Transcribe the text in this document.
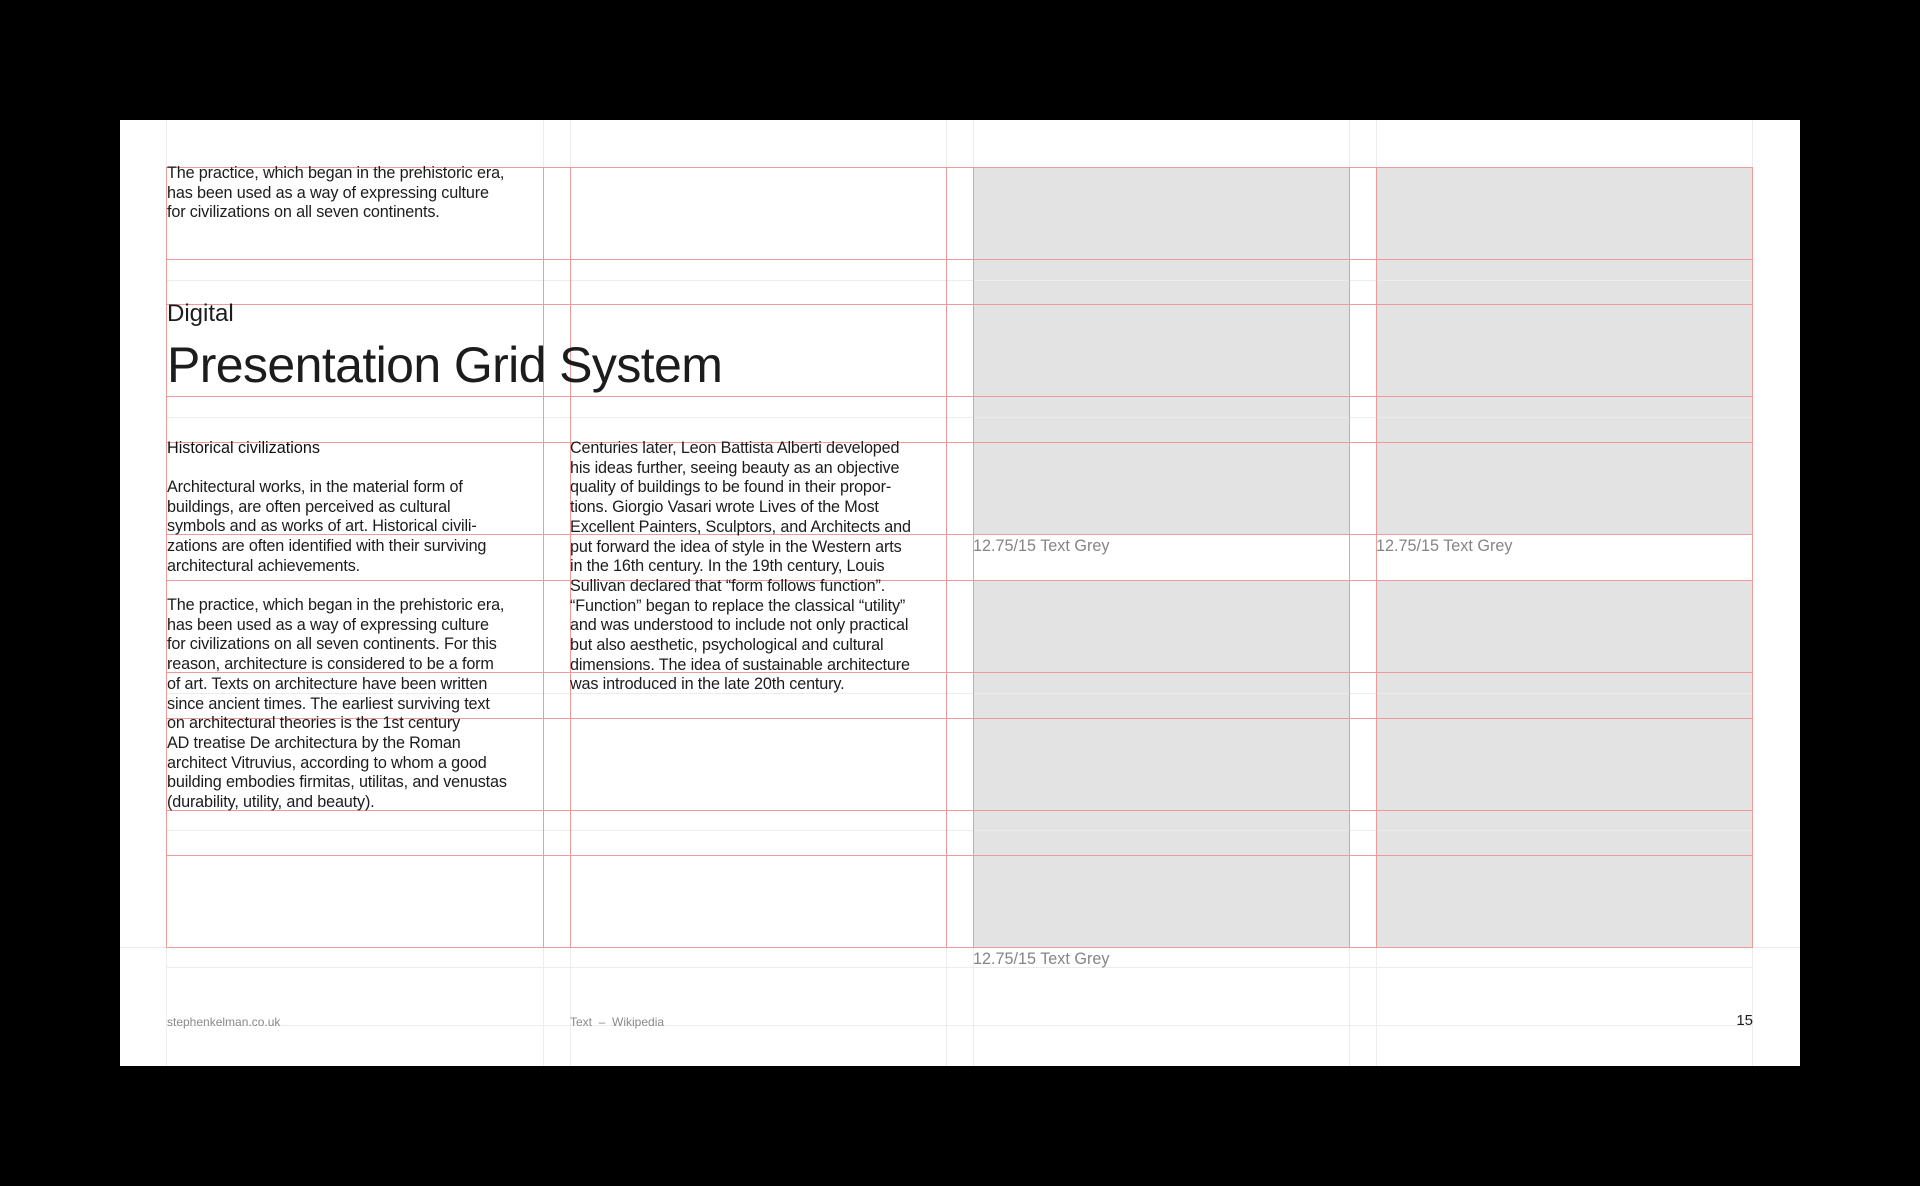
The practice, which began in the prehistoric era,
has been used as a way of expressing culture
for civilizations on all seven continents.

Digital
Presentation Grid System
Historical civilizations

Architectural works, in the material form of
buildings, are often perceived as cultural
symbols and as works of art. Historical civili-
zations are often identified with their surviving
architectural achievements.

The practice, which began in the prehistoric era,
has been used as a way of expressing culture
for civilizations on all seven continents. For this
reason, architecture is considered to be a form
of art. Texts on architecture have been written
since ancient times. The earliest surviving text
on architectural theories is the 1st century
AD treatise De architectura by the Roman
architect Vitruvius, according to whom a good
building embodies firmitas, utilitas, and venustas
(durability, utility, and beauty).

Centuries later, Leon Battista Alberti developed
his ideas further, seeing beauty as an objective
quality of buildings to be found in their propor-
tions. Giorgio Vasari wrote Lives of the Most
Excellent Painters, Sculptors, and Architects and
put forward the idea of style in the Western arts
in the 16th century. In the 19th century, Louis
Sullivan declared that “form follows function”.
“Function” began to replace the classical “utility”
and was understood to include not only practical
but also aesthetic, psychological and cultural
dimensions. The idea of sustainable architecture
was introduced in the late 20th century.

12.75/15 Text Grey	12.75/15 Text Grey
12.75/15 Text Grey
stephenkelman.co.uk	Text  –  Wikipedia	15
